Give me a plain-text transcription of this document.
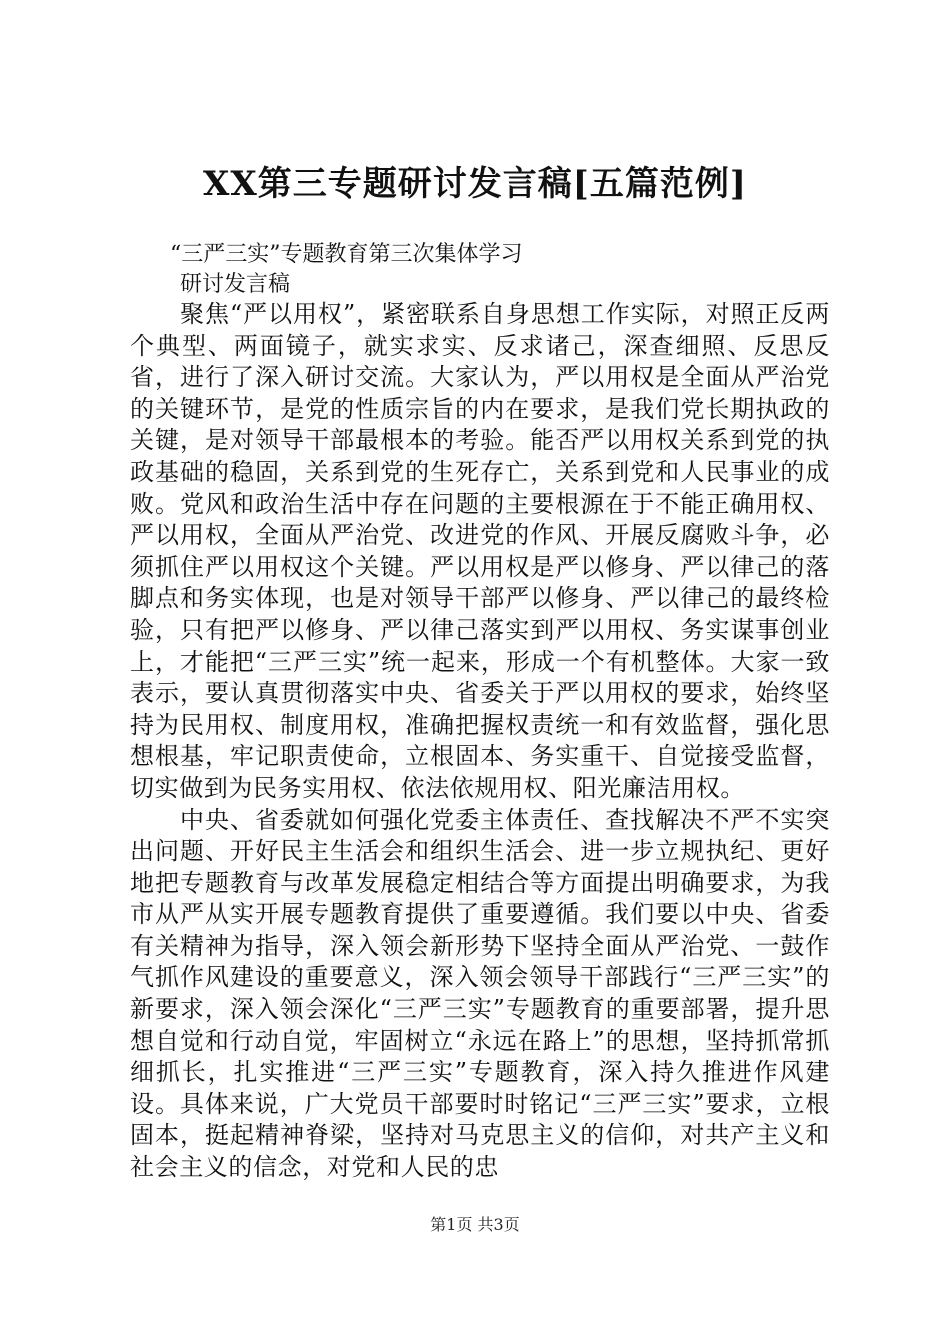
XX第三专题研讨发言稿[五篇范例]
“三严三实”专题教育第三次集体学习
研讨发言稿

聚焦“严以用权”，紧密联系自身思想工作实际，对照正反两个典型、两面镜子，就实求实、反求诸己，深查细照、反思反省，进行了深入研讨交流。大家认为，严以用权是全面从严治党的关键环节，是党的性质宗旨的内在要求，是我们党长期执政的关键，是对领导干部最根本的考验。能否严以用权关系到党的执政基础的稳固，关系到党的生死存亡，关系到党和人民事业的成败。党风和政治生活中存在问题的主要根源在于不能正确用权、严以用权，全面从严治党、改进党的作风、开展反腐败斗争，必须抓住严以用权这个关键。严以用权是严以修身、严以律己的落脚点和务实体现，也是对领导干部严以修身、严以律己的最终检验，只有把严以修身、严以律己落实到严以用权、务实谋事创业上，才能把“三严三实”统一起来，形成一个有机整体。大家一致表示，要认真贯彻落实中央、省委关于严以用权的要求，始终坚持为民用权、制度用权，准确把握权责统一和有效监督，强化思想根基，牢记职责使命，立根固本、务实重干、自觉接受监督，切实做到为民务实用权、依法依规用权、阳光廉洁用权。

中央、省委就如何强化党委主体责任、查找解决不严不实突出问题、开好民主生活会和组织生活会、进一步立规执纪、更好地把专题教育与改革发展稳定相结合等方面提出明确要求，为我市从严从实开展专题教育提供了重要遵循。我们要以中央、省委有关精神为指导，深入领会新形势下坚持全面从严治党、一鼓作气抓作风建设的重要意义，深入领会领导干部践行“三严三实”的新要求，深入领会深化“三严三实”专题教育的重要部署，提升思想自觉和行动自觉，牢固树立“永远在路上”的思想，坚持抓常抓细抓长，扎实推进“三严三实”专题教育，深入持久推进作风建设。具体来说，广大党员干部要时时铭记“三严三实”要求，立根固本，挺起精神脊梁，坚持对马克思主义的信仰，对共产主义和社会主义的信念，对党和人民的忠

第1页 共3页
